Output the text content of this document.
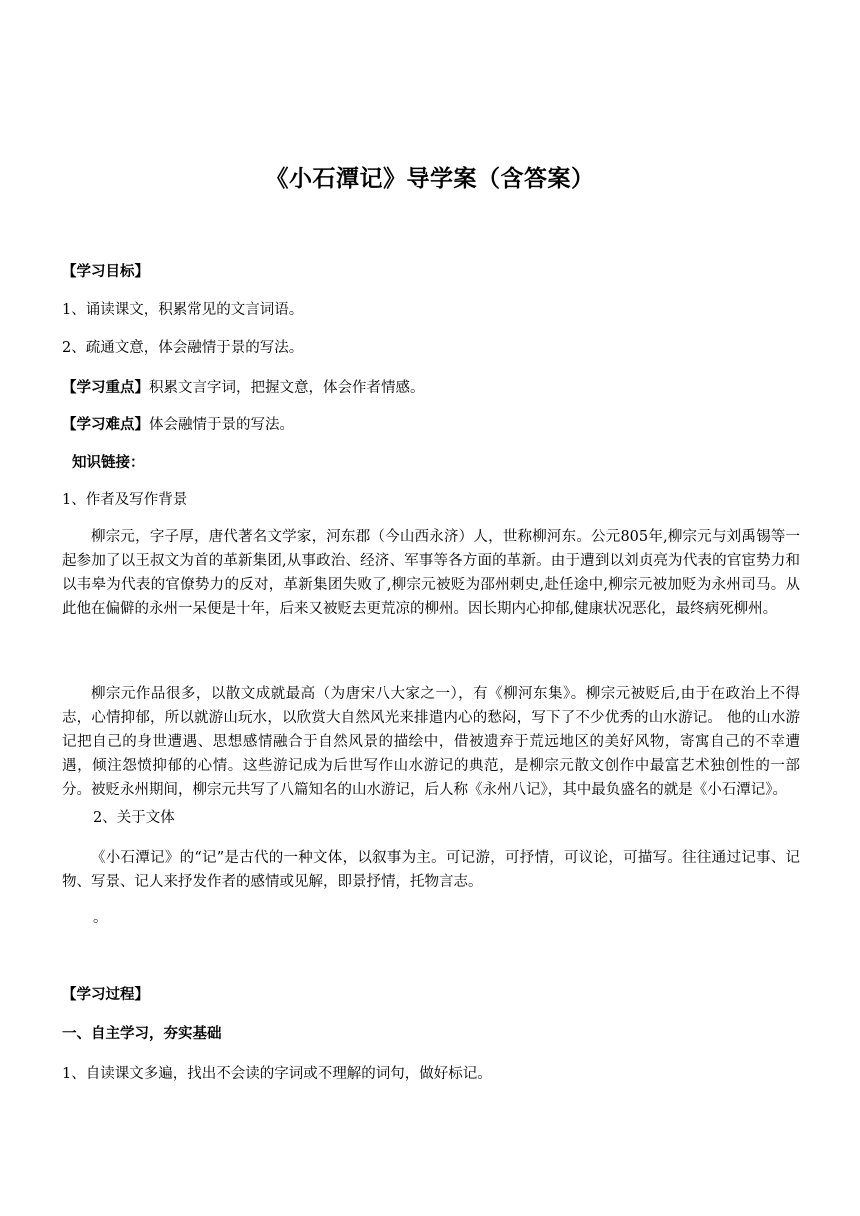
《小石潭记》导学案（含答案）
【学习目标】
1、诵读课文，积累常见的文言词语。
2、疏通文意，体会融情于景的写法。
【学习重点】积累文言字词，把握文意，体会作者情感。
【学习难点】体会融情于景的写法。
知识链接：
1、作者及写作背景
柳宗元，字子厚，唐代著名文学家，河东郡（今山西永济）人，世称柳河东。公元805年,柳宗元与刘禹锡等一起参加了以王叔文为首的革新集团,从事政治、经济、军事等各方面的革新。由于遭到以刘贞亮为代表的官宦势力和以韦皋为代表的官僚势力的反对，革新集团失败了,柳宗元被贬为邵州刺史,赴任途中,柳宗元被加贬为永州司马。从此他在偏僻的永州一呆便是十年，后来又被贬去更荒凉的柳州。因长期内心抑郁,健康状况恶化，最终病死柳州。
柳宗元作品很多，以散文成就最高（为唐宋八大家之一），有《柳河东集》。柳宗元被贬后,由于在政治上不得志，心情抑郁，所以就游山玩水，以欣赏大自然风光来排遣内心的愁闷，写下了不少优秀的山水游记。 他的山水游记把自己的身世遭遇、思想感情融合于自然风景的描绘中，借被遗弃于荒远地区的美好风物，寄寓自己的不幸遭遇，倾注怨愤抑郁的心情。这些游记成为后世写作山水游记的典范，是柳宗元散文创作中最富艺术独创性的一部分。被贬永州期间，柳宗元共写了八篇知名的山水游记，后人称《永州八记》，其中最负盛名的就是《小石潭记》。
2、关于文体
《小石潭记》的“记”是古代的一种文体，以叙事为主。可记游，可抒情，可议论，可描写。往往通过记事、记物、写景、记人来抒发作者的感情或见解，即景抒情，托物言志。
。
【学习过程】
一、自主学习，夯实基础
1、自读课文多遍，找出不会读的字词或不理解的词句，做好标记。
